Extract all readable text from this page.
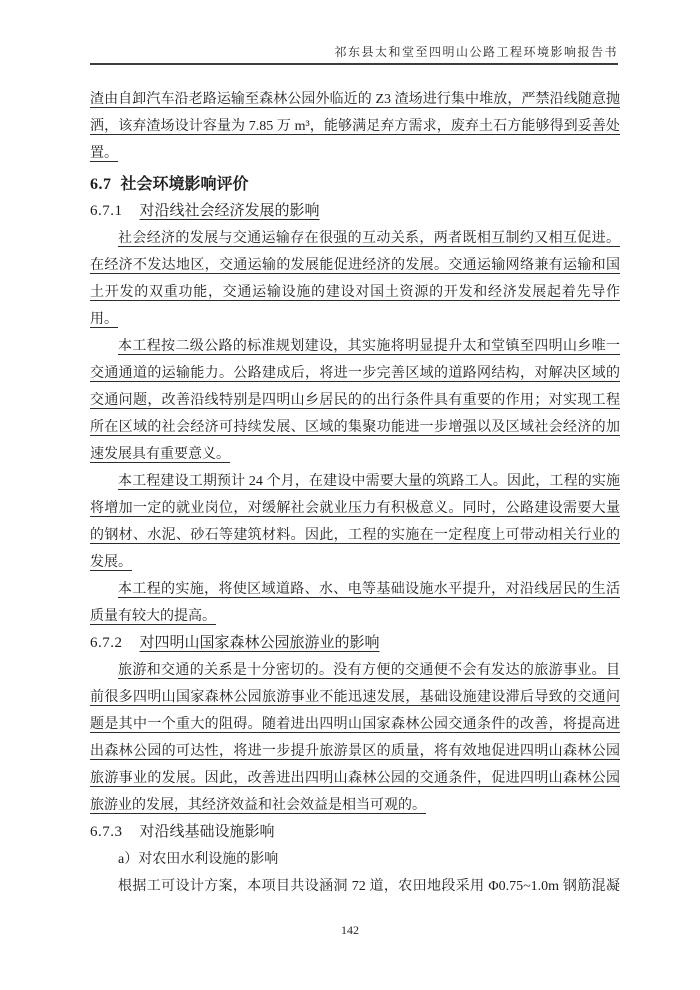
祁东县太和堂至四明山公路工程环境影响报告书
渣由自卸汽车沿老路运输至森林公园外临近的 Z3 渣场进行集中堆放，严禁沿线随意抛
洒，该弃渣场设计容量为 7.85 万 m³，能够满足弃方需求，废弃土石方能够得到妥善处
置。
6.7 社会环境影响评价
6.7.1 对沿线社会经济发展的影响
社会经济的发展与交通运输存在很强的互动关系，两者既相互制约又相互促进。
在经济不发达地区，交通运输的发展能促进经济的发展。交通运输网络兼有运输和国
土开发的双重功能，交通运输设施的建设对国土资源的开发和经济发展起着先导作
用。
本工程按二级公路的标准规划建设，其实施将明显提升太和堂镇至四明山乡唯一
交通通道的运输能力。公路建成后，将进一步完善区域的道路网结构，对解决区域的
交通问题，改善沿线特别是四明山乡居民的的出行条件具有重要的作用；对实现工程
所在区域的社会经济可持续发展、区域的集聚功能进一步增强以及区域社会经济的加
速发展具有重要意义。
本工程建设工期预计 24 个月，在建设中需要大量的筑路工人。因此，工程的实施
将增加一定的就业岗位，对缓解社会就业压力有积极意义。同时，公路建设需要大量
的钢材、水泥、砂石等建筑材料。因此，工程的实施在一定程度上可带动相关行业的
发展。
本工程的实施，将使区域道路、水、电等基础设施水平提升，对沿线居民的生活
质量有较大的提高。
6.7.2 对四明山国家森林公园旅游业的影响
旅游和交通的关系是十分密切的。没有方便的交通便不会有发达的旅游事业。目
前很多四明山国家森林公园旅游事业不能迅速发展，基础设施建设滞后导致的交通问
题是其中一个重大的阻碍。随着进出四明山国家森林公园交通条件的改善，将提高进
出森林公园的可达性，将进一步提升旅游景区的质量，将有效地促进四明山森林公园
旅游事业的发展。因此，改善进出四明山森林公园的交通条件，促进四明山森林公园
旅游业的发展，其经济效益和社会效益是相当可观的。
6.7.3 对沿线基础设施影响
a）对农田水利设施的影响
根据工可设计方案，本项目共设涵洞 72 道，农田地段采用 Φ0.75~1.0m 钢筋混凝
142
